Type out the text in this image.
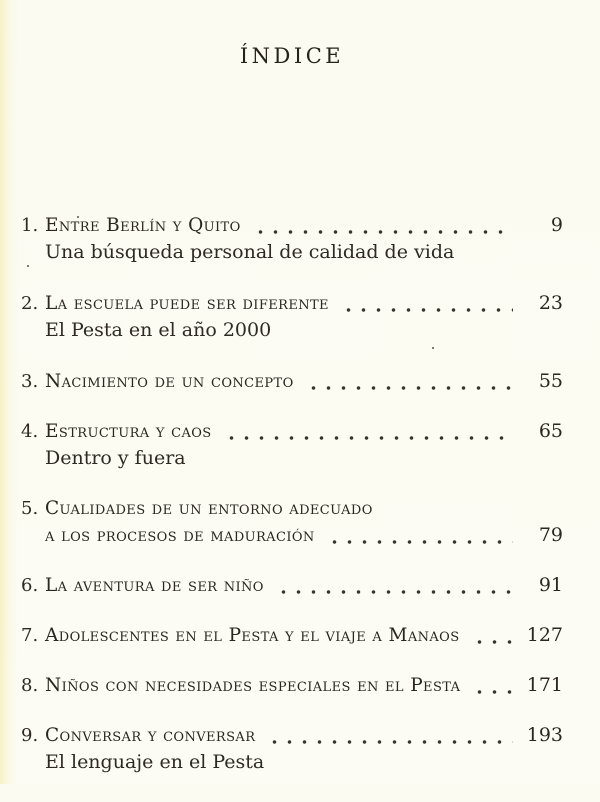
ÍNDICE
1. Entre Berlín y Quito	9
Una búsqueda personal de calidad de vida
2. La escuela puede ser diferente	23
El Pesta en el año 2000
3. Nacimiento de un concepto	55
4. Estructura y caos	65
Dentro y fuera
5. Cualidades de un entorno adecuado
a los procesos de maduración	79
6. La aventura de ser niño	91
7. Adolescentes en el Pesta y el viaje a Manaos	127
8. Niños con necesidades especiales en el Pesta	171
9. Conversar y conversar	193
El lenguaje en el Pesta
